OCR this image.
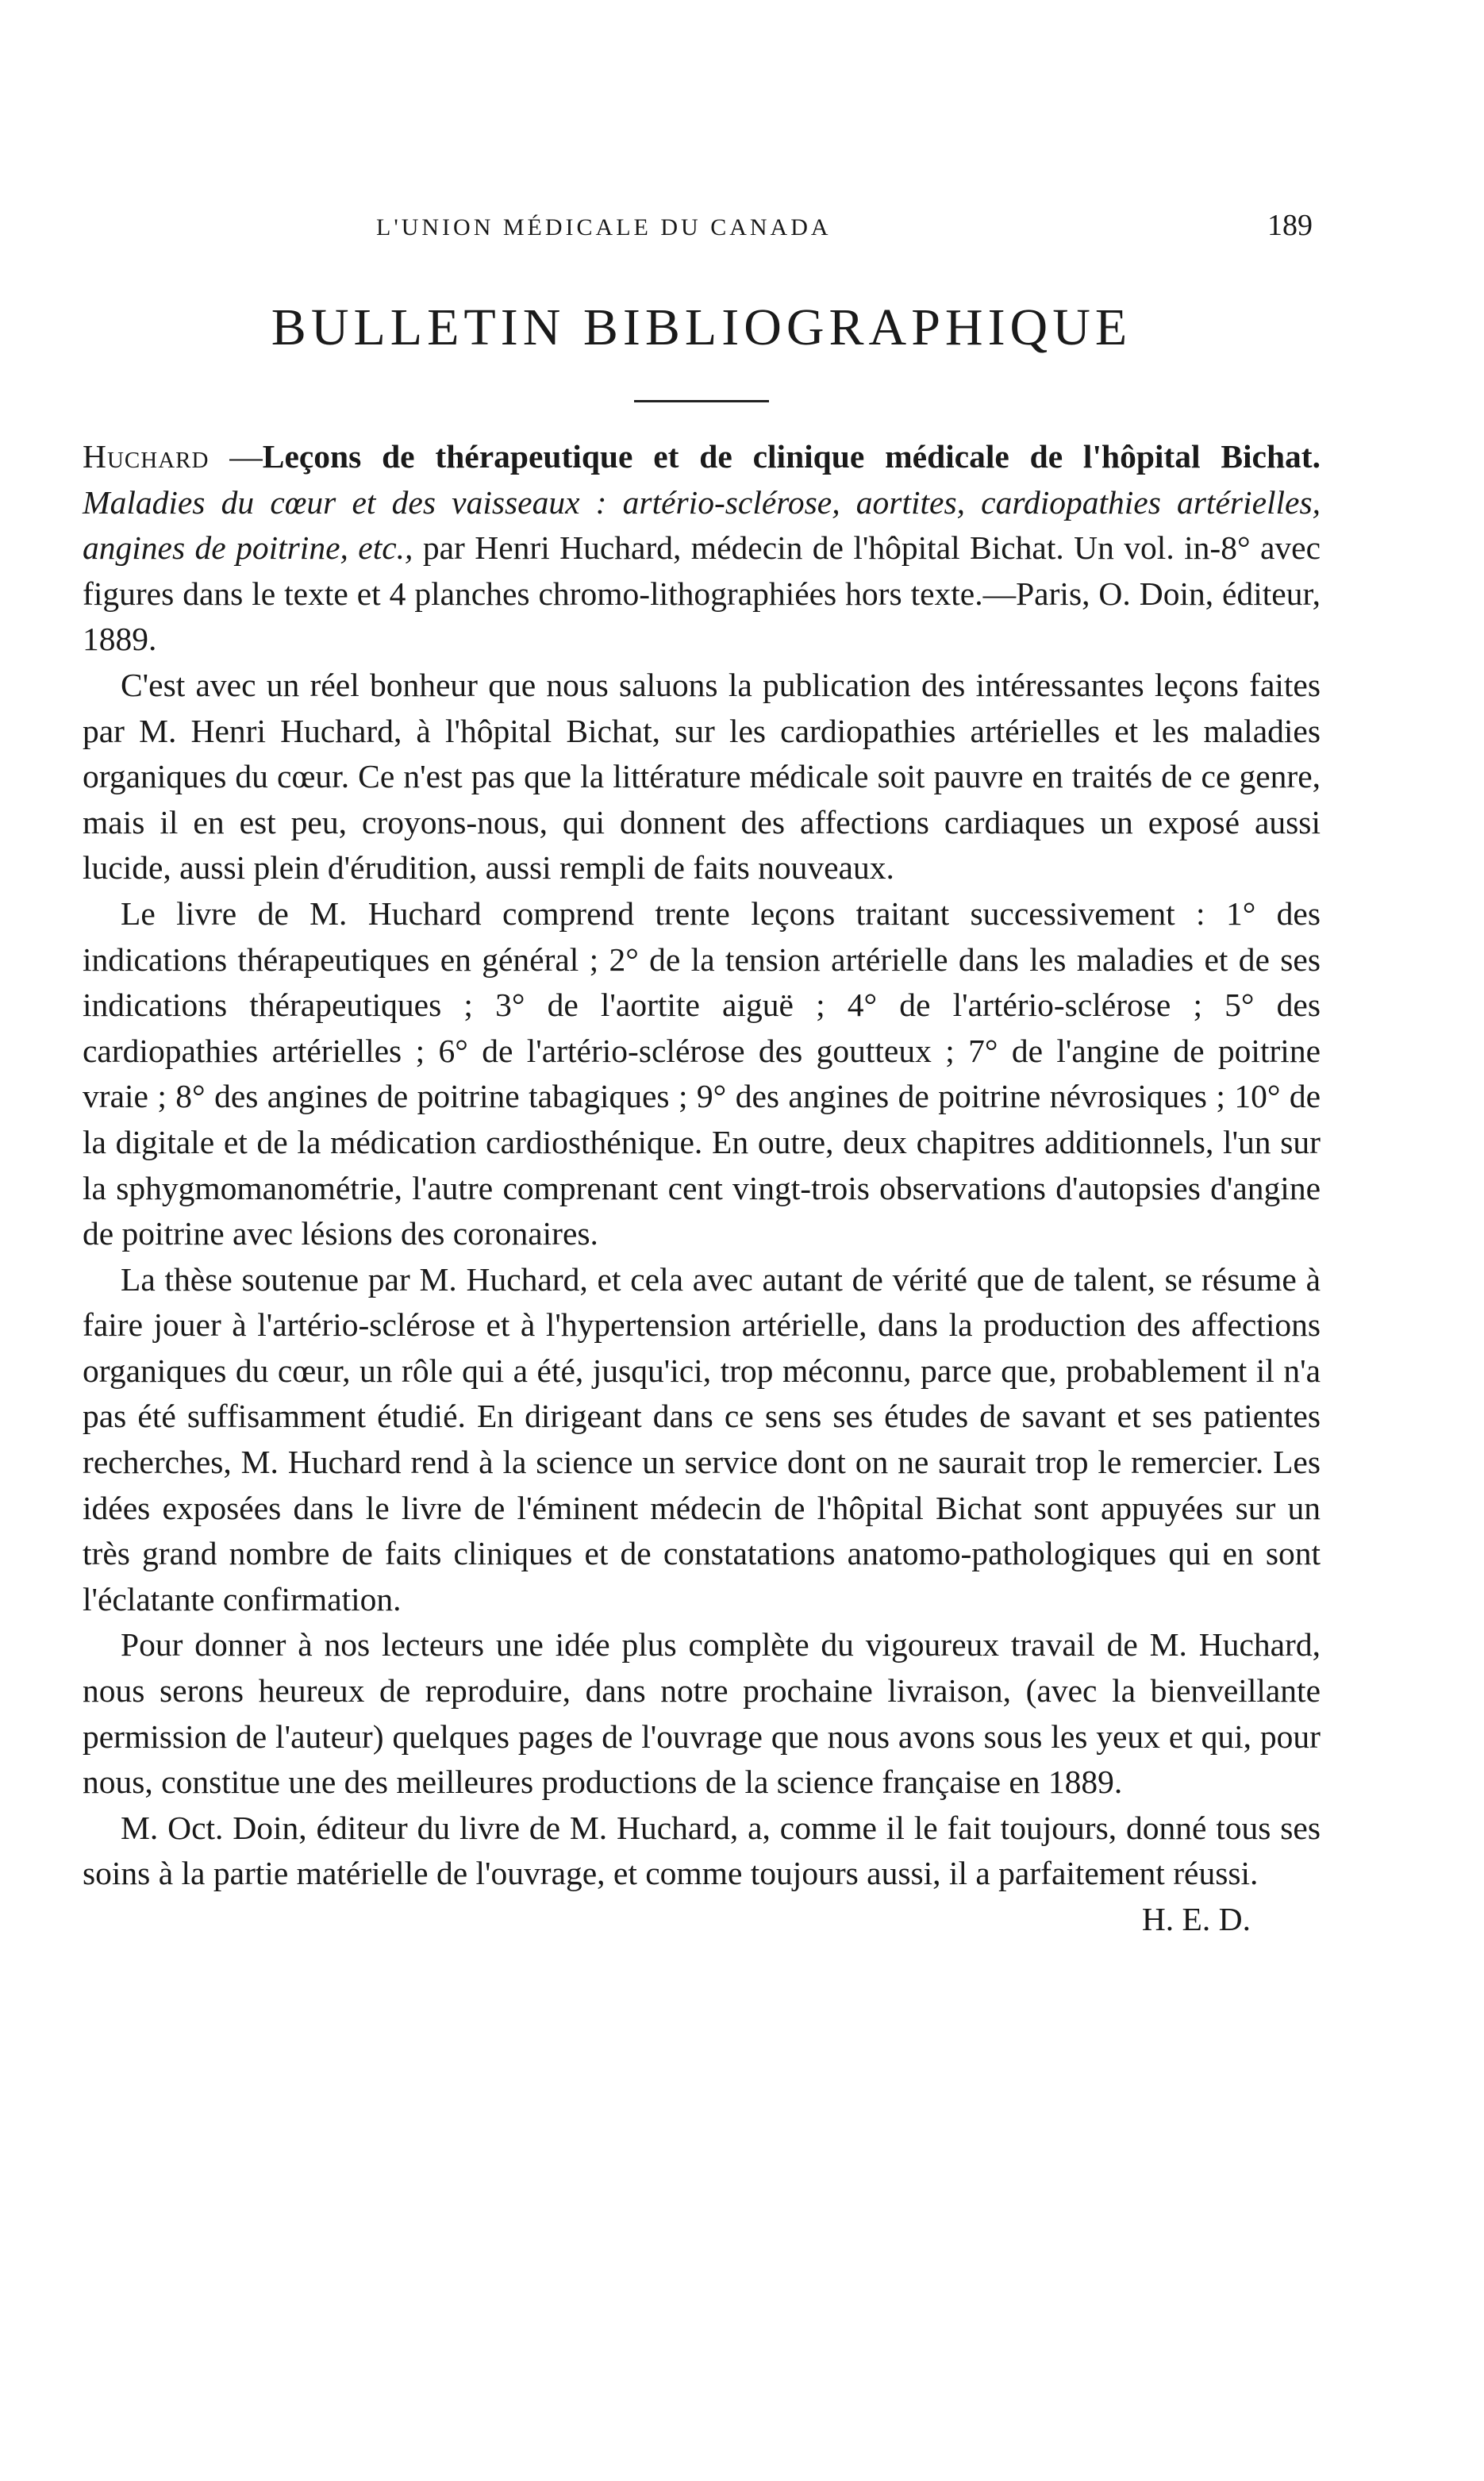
L'UNION MÉDICALE DU CANADA	189
BULLETIN BIBLIOGRAPHIQUE

Huchard —Leçons de thérapeutique et de clinique médicale de l'hôpital Bichat. Maladies du cœur et des vaisseaux : artério-sclérose, aortites, cardiopathies artérielles, angines de poitrine, etc., par Henri Huchard, médecin de l'hôpital Bichat. Un vol. in-8° avec figures dans le texte et 4 planches chromo-lithographiées hors texte.—Paris, O. Doin, éditeur, 1889.

C'est avec un réel bonheur que nous saluons la publication des intéressantes leçons faites par M. Henri Huchard, à l'hôpital Bichat, sur les cardiopathies artérielles et les maladies organiques du cœur. Ce n'est pas que la littérature médicale soit pauvre en traités de ce genre, mais il en est peu, croyons-nous, qui donnent des affections cardiaques un exposé aussi lucide, aussi plein d'érudition, aussi rempli de faits nouveaux.

Le livre de M. Huchard comprend trente leçons traitant successivement : 1° des indications thérapeutiques en général ; 2° de la tension artérielle dans les maladies et de ses indications thérapeutiques ; 3° de l'aortite aiguë ; 4° de l'artério-sclérose ; 5° des cardiopathies artérielles ; 6° de l'artério-sclérose des goutteux ; 7° de l'angine de poitrine vraie ; 8° des angines de poitrine tabagiques ; 9° des angines de poitrine névrosiques ; 10° de la digitale et de la médication cardiosthénique. En outre, deux chapitres additionnels, l'un sur la sphygmomanométrie, l'autre comprenant cent vingt-trois observations d'autopsies d'angine de poitrine avec lésions des coronaires.

La thèse soutenue par M. Huchard, et cela avec autant de vérité que de talent, se résume à faire jouer à l'artério-sclérose et à l'hypertension artérielle, dans la production des affections organiques du cœur, un rôle qui a été, jusqu'ici, trop méconnu, parce que, probablement il n'a pas été suffisamment étudié. En dirigeant dans ce sens ses études de savant et ses patientes recherches, M. Huchard rend à la science un service dont on ne saurait trop le remercier. Les idées exposées dans le livre de l'éminent médecin de l'hôpital Bichat sont appuyées sur un très grand nombre de faits cliniques et de constatations anatomo-pathologiques qui en sont l'éclatante confirmation.

Pour donner à nos lecteurs une idée plus complète du vigoureux travail de M. Huchard, nous serons heureux de reproduire, dans notre prochaine livraison, (avec la bienveillante permission de l'auteur) quelques pages de l'ouvrage que nous avons sous les yeux et qui, pour nous, constitue une des meilleures productions de la science française en 1889.

M. Oct. Doin, éditeur du livre de M. Huchard, a, comme il le fait toujours, donné tous ses soins à la partie matérielle de l'ouvrage, et comme toujours aussi, il a parfaitement réussi.

H. E. D.
